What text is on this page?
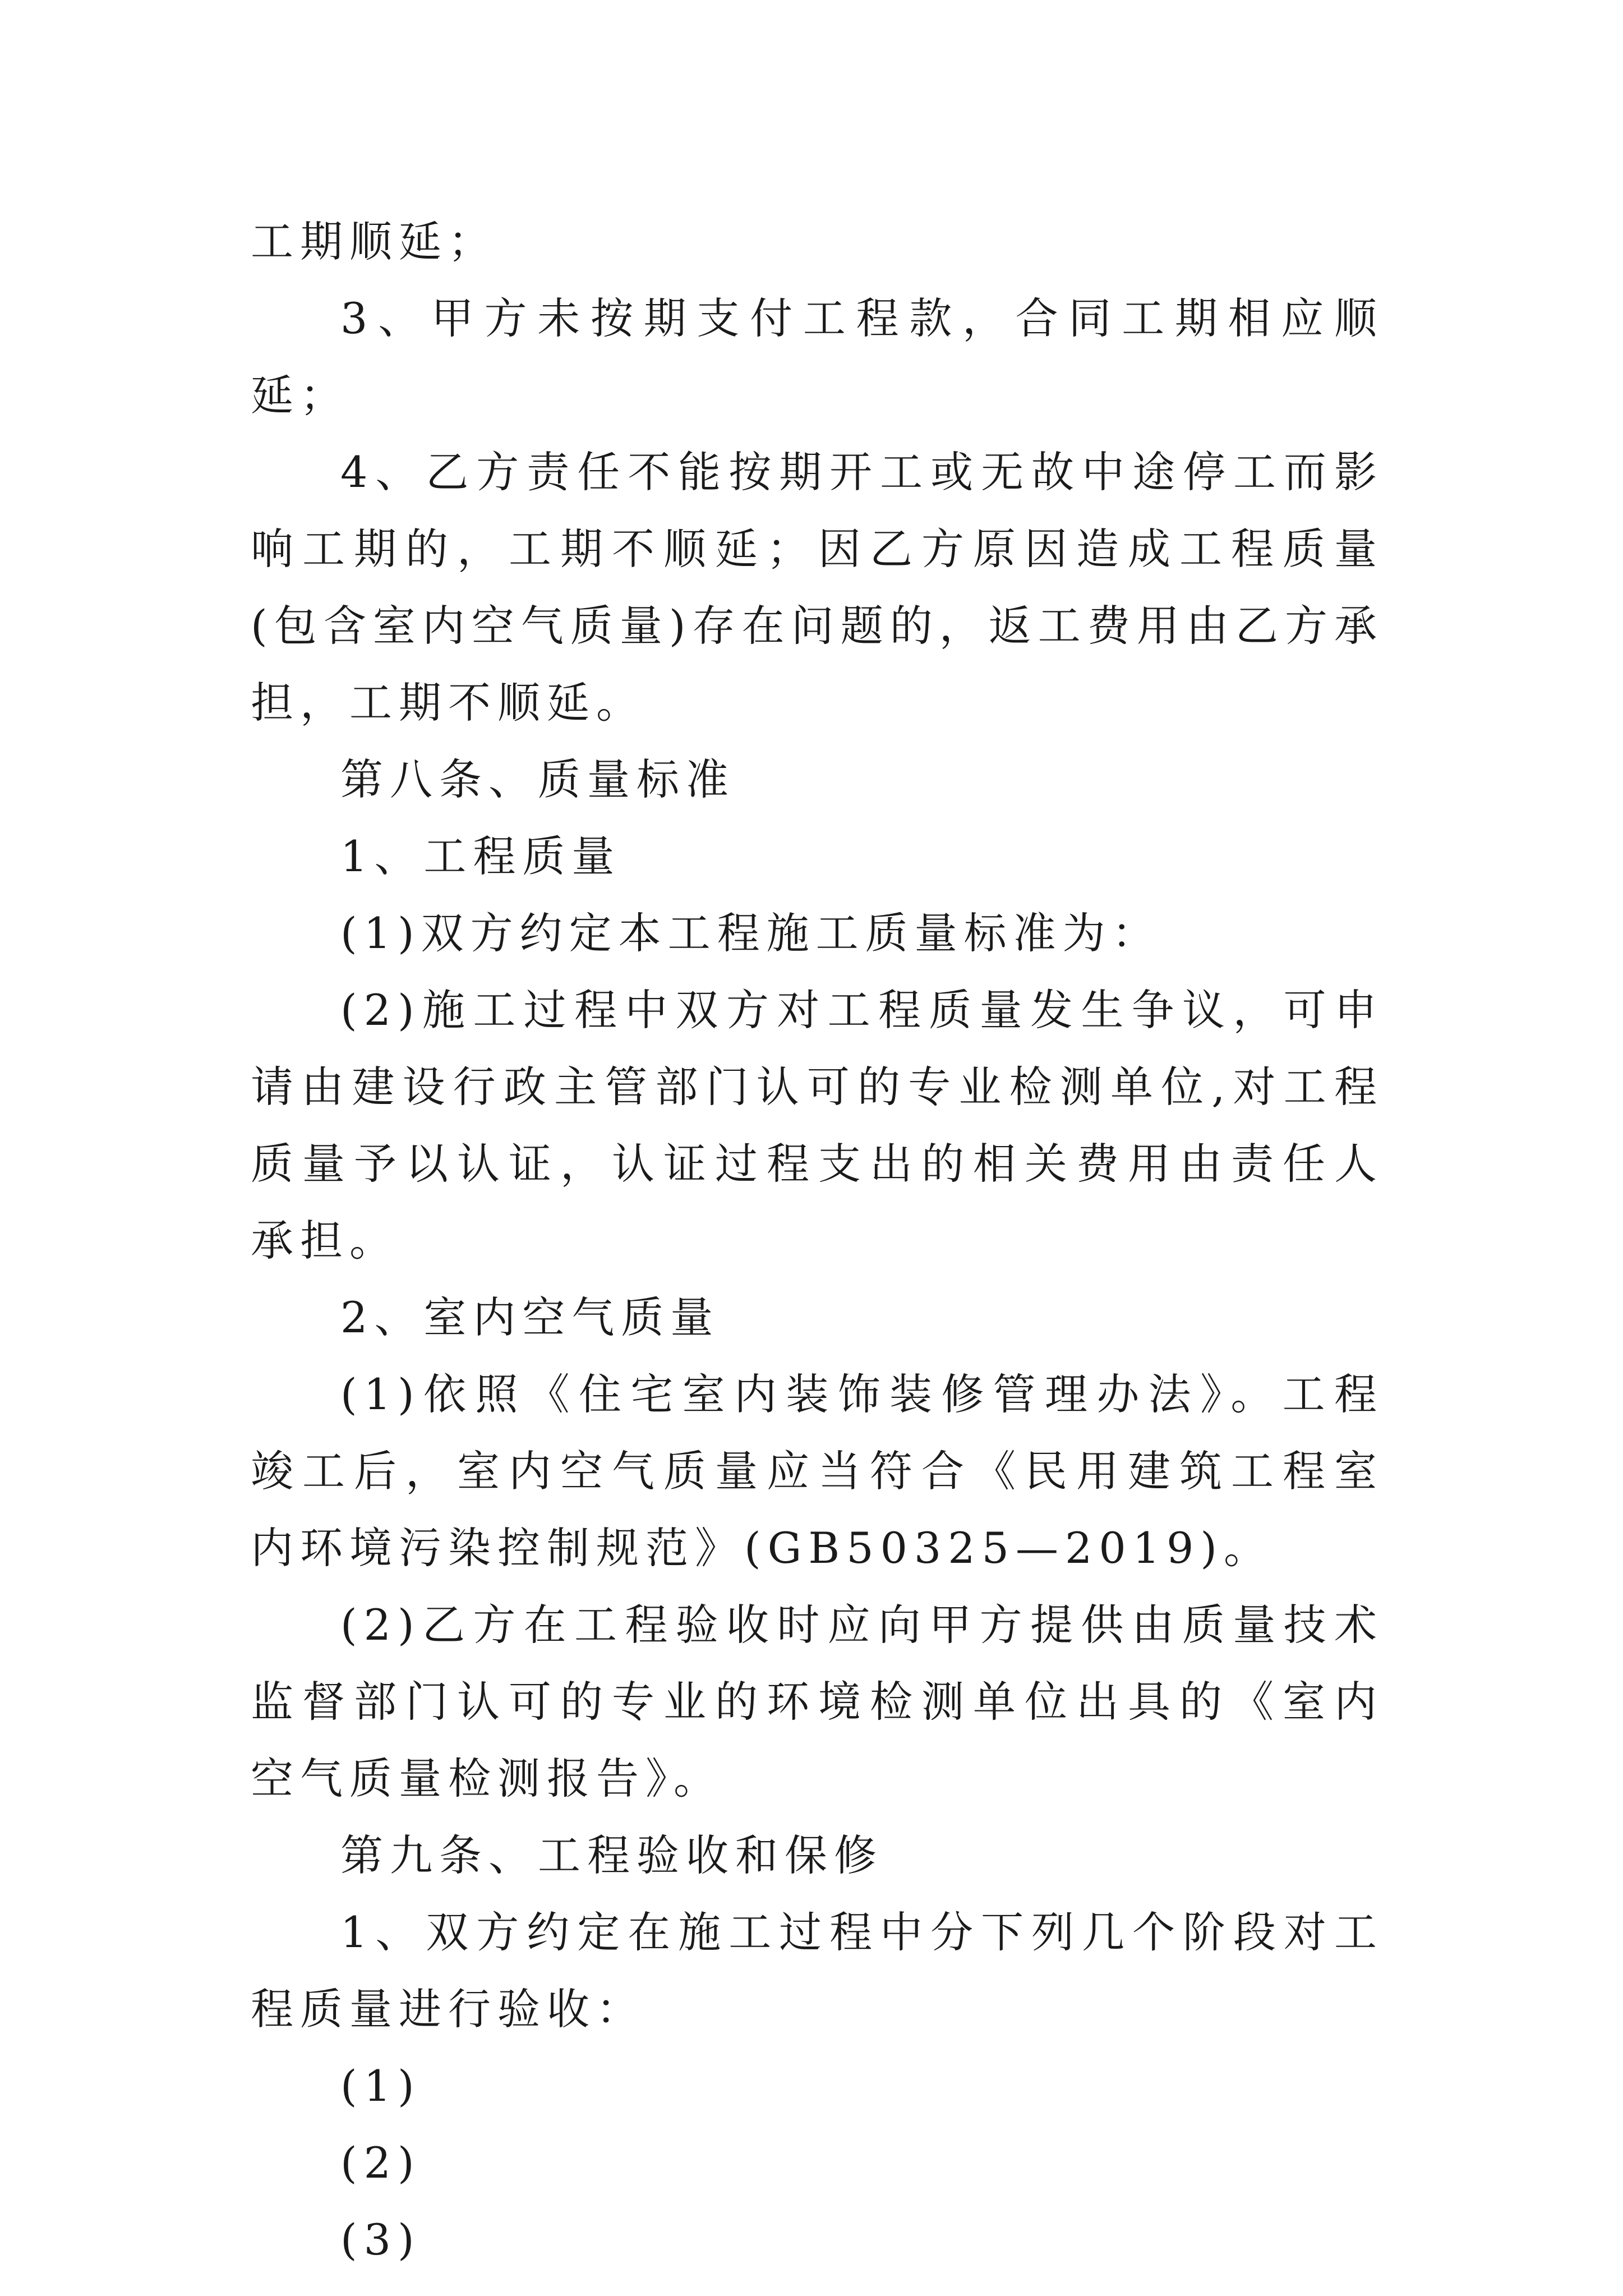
工期顺延；

3、甲方未按期支付工程款，合同工期相应顺延；

4、乙方责任不能按期开工或无故中途停工而影响工期的，工期不顺延；因乙方原因造成工程质量(包含室内空气质量)存在问题的，返工费用由乙方承担，工期不顺延。

第八条、质量标准

1、工程质量

(1)双方约定本工程施工质量标准为：

(2)施工过程中双方对工程质量发生争议，可申请由建设行政主管部门认可的专业检测单位,对工程质量予以认证，认证过程支出的相关费用由责任人承担。

2、室内空气质量

(1)依照《住宅室内装饰装修管理办法》。工程竣工后，室内空气质量应当符合《民用建筑工程室内环境污染控制规范》(GB50325—2019)。

(2)乙方在工程验收时应向甲方提供由质量技术监督部门认可的专业的环境检测单位出具的《室内空气质量检测报告》。

第九条、工程验收和保修

1、双方约定在施工过程中分下列几个阶段对工程质量进行验收：

(1)

(2)

(3)
